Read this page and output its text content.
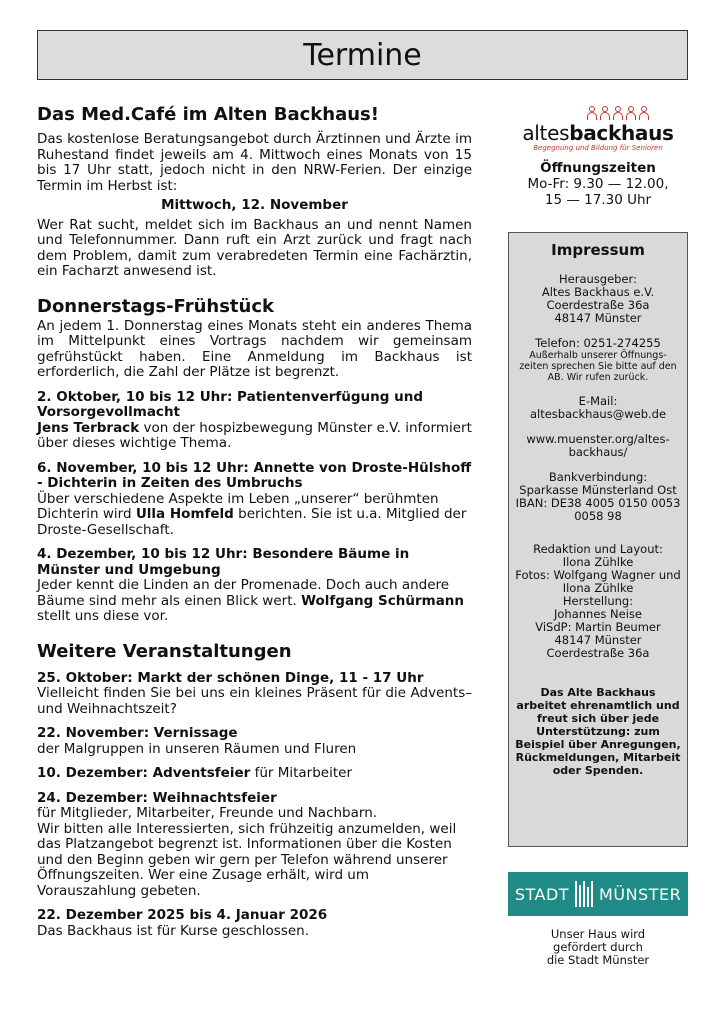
Termine
Das Med.Café im Alten Backhaus!

Das kostenlose Beratungsangebot durch Ärztinnen und Ärzte im Ruhestand findet jeweils am 4. Mittwoch eines Monats von 15 bis 17 Uhr statt, jedoch nicht in den NRW-Ferien. Der einzige Termin im Herbst ist:

Mittwoch, 12. November

Wer Rat sucht, meldet sich im Backhaus an und nennt Namen und Telefonnummer. Dann ruft ein Arzt zurück und fragt nach dem Problem, damit zum verabredeten Termin eine Fachärztin, ein Facharzt anwesend ist.

Donnerstags-Frühstück

An jedem 1. Donnerstag eines Monats steht ein anderes Thema im Mittelpunkt eines Vortrags nachdem wir gemeinsam gefrühstückt haben. Eine Anmeldung im Backhaus ist erforderlich, die Zahl der Plätze ist begrenzt.

2. Oktober, 10 bis 12 Uhr: Patientenverfügung und Vorsorgevollmacht
Jens Terbrack von der hospizbewegung Münster e.V. informiert über dieses wichtige Thema.
6. November, 10 bis 12 Uhr: Annette von Droste-Hülshoff - Dichterin in Zeiten des Umbruchs
Über verschiedene Aspekte im Leben „unserer“ berühmten Dichterin wird Ulla Homfeld berichten. Sie ist u.a. Mitglied der Droste-Gesellschaft.
4. Dezember, 10 bis 12 Uhr: Besondere Bäume in Münster und Umgebung
Jeder kennt die Linden an der Promenade. Doch auch andere Bäume sind mehr als einen Blick wert. Wolfgang Schürmann stellt uns diese vor.
Weitere Veranstaltungen
25. Oktober: Markt der schönen Dinge, 11 - 17 Uhr

Vielleicht finden Sie bei uns ein kleines Präsent für die Advents– und Weihnachtszeit?

22. November: Vernissage
der Malgruppen in unseren Räumen und Fluren
10. Dezember: Adventsfeier für Mitarbeiter
24. Dezember: Weihnachtsfeier
für Mitglieder, Mitarbeiter, Freunde und Nachbarn.
Wir bitten alle Interessierten, sich frühzeitig anzumelden, weil das Platzangebot begrenzt ist. Informationen über die Kosten und den Beginn geben wir gern per Telefon während unserer Öffnungszeiten. Wer eine Zusage erhält, wird um Vorauszahlung gebeten.
22. Dezember 2025 bis 4. Januar 2026
Das Backhaus ist für Kurse geschlossen.
altesbackhaus
Begegnung und Bildung für Senioren
Öffnungszeiten
Mo-Fr: 9.30 — 12.00,
15 — 17.30 Uhr
Impressum
Herausgeber:
Altes Backhaus e.V.
Coerdestraße 36a
48147 Münster
Telefon: 0251-274255
Außerhalb unserer Öffnungs-zeiten sprechen Sie bitte auf den AB. Wir rufen zurück.
E-Mail:
altesbackhaus@web.de
www.muenster.org/altes-backhaus/
Bankverbindung:
Sparkasse Münsterland Ost
IBAN: DE38 4005 0150 0053 0058 98
Redaktion und Layout:
Ilona Zühlke
Fotos: Wolfgang Wagner und Ilona Zühlke
Herstellung:
Johannes Neise
ViSdP: Martin Beumer
48147 Münster
Coerdestraße 36a
Das Alte Backhaus arbeitet ehrenamtlich und freut sich über jede Unterstützung: zum Beispiel über Anregungen, Rückmeldungen, Mitarbeit oder Spenden.
STADT MÜNSTER
Unser Haus wird
gefördert durch
die Stadt Münster
